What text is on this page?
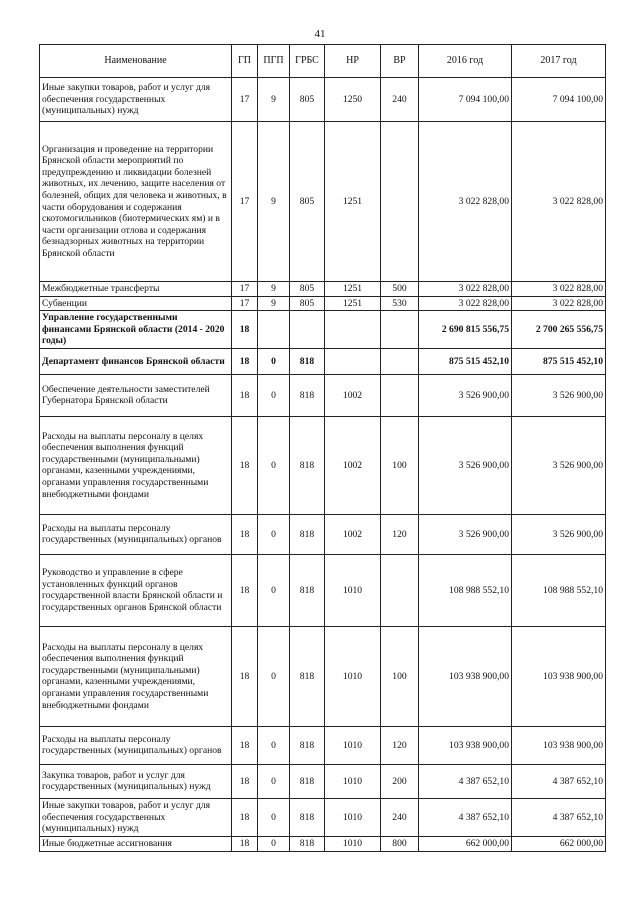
41
Наименование	ГП	ПГП	ГРБС	НР	ВР	2016 год	2017 год
Иные закупки товаров, работ и услуг для обеспечения государственных (муниципальных) нужд	17	9	805	1250	240	7 094 100,00	7 094 100,00
Организация и проведение на территории Брянской области мероприятий по предупреждению и ликвидации болезней животных, их лечению, защите населения от болезней, общих для человека и животных, в части оборудования и содержания скотомогильников (биотермических ям) и в части организации отлова и содержания безнадзорных животных на территории Брянской области	17	9	805	1251		3 022 828,00	3 022 828,00
Межбюджетные трансферты	17	9	805	1251	500	3 022 828,00	3 022 828,00
Субвенции	17	9	805	1251	530	3 022 828,00	3 022 828,00
Управление государственными финансами Брянской области (2014 - 2020 годы)	18					2 690 815 556,75	2 700 265 556,75
Департамент финансов Брянской области	18	0	818			875 515 452,10	875 515 452,10
Обеспечение деятельности заместителей Губернатора Брянской области	18	0	818	1002		3 526 900,00	3 526 900,00
Расходы на выплаты персоналу в целях обеспечения выполнения функций государственными (муниципальными) органами, казенными учреждениями, органами управления государственными внебюджетными фондами	18	0	818	1002	100	3 526 900,00	3 526 900,00
Расходы на выплаты персоналу государственных (муниципальных) органов	18	0	818	1002	120	3 526 900,00	3 526 900,00
Руководство и управление в сфере установленных функций органов государственной власти Брянской области и государственных органов Брянской области	18	0	818	1010		108 988 552,10	108 988 552,10
Расходы на выплаты персоналу в целях обеспечения выполнения функций государственными (муниципальными) органами, казенными учреждениями, органами управления государственными внебюджетными фондами	18	0	818	1010	100	103 938 900,00	103 938 900,00
Расходы на выплаты персоналу государственных (муниципальных) органов	18	0	818	1010	120	103 938 900,00	103 938 900,00
Закупка товаров, работ и услуг для государственных (муниципальных) нужд	18	0	818	1010	200	4 387 652,10	4 387 652,10
Иные закупки товаров, работ и услуг для обеспечения государственных (муниципальных) нужд	18	0	818	1010	240	4 387 652,10	4 387 652,10
Иные бюджетные ассигнования	18	0	818	1010	800	662 000,00	662 000,00
